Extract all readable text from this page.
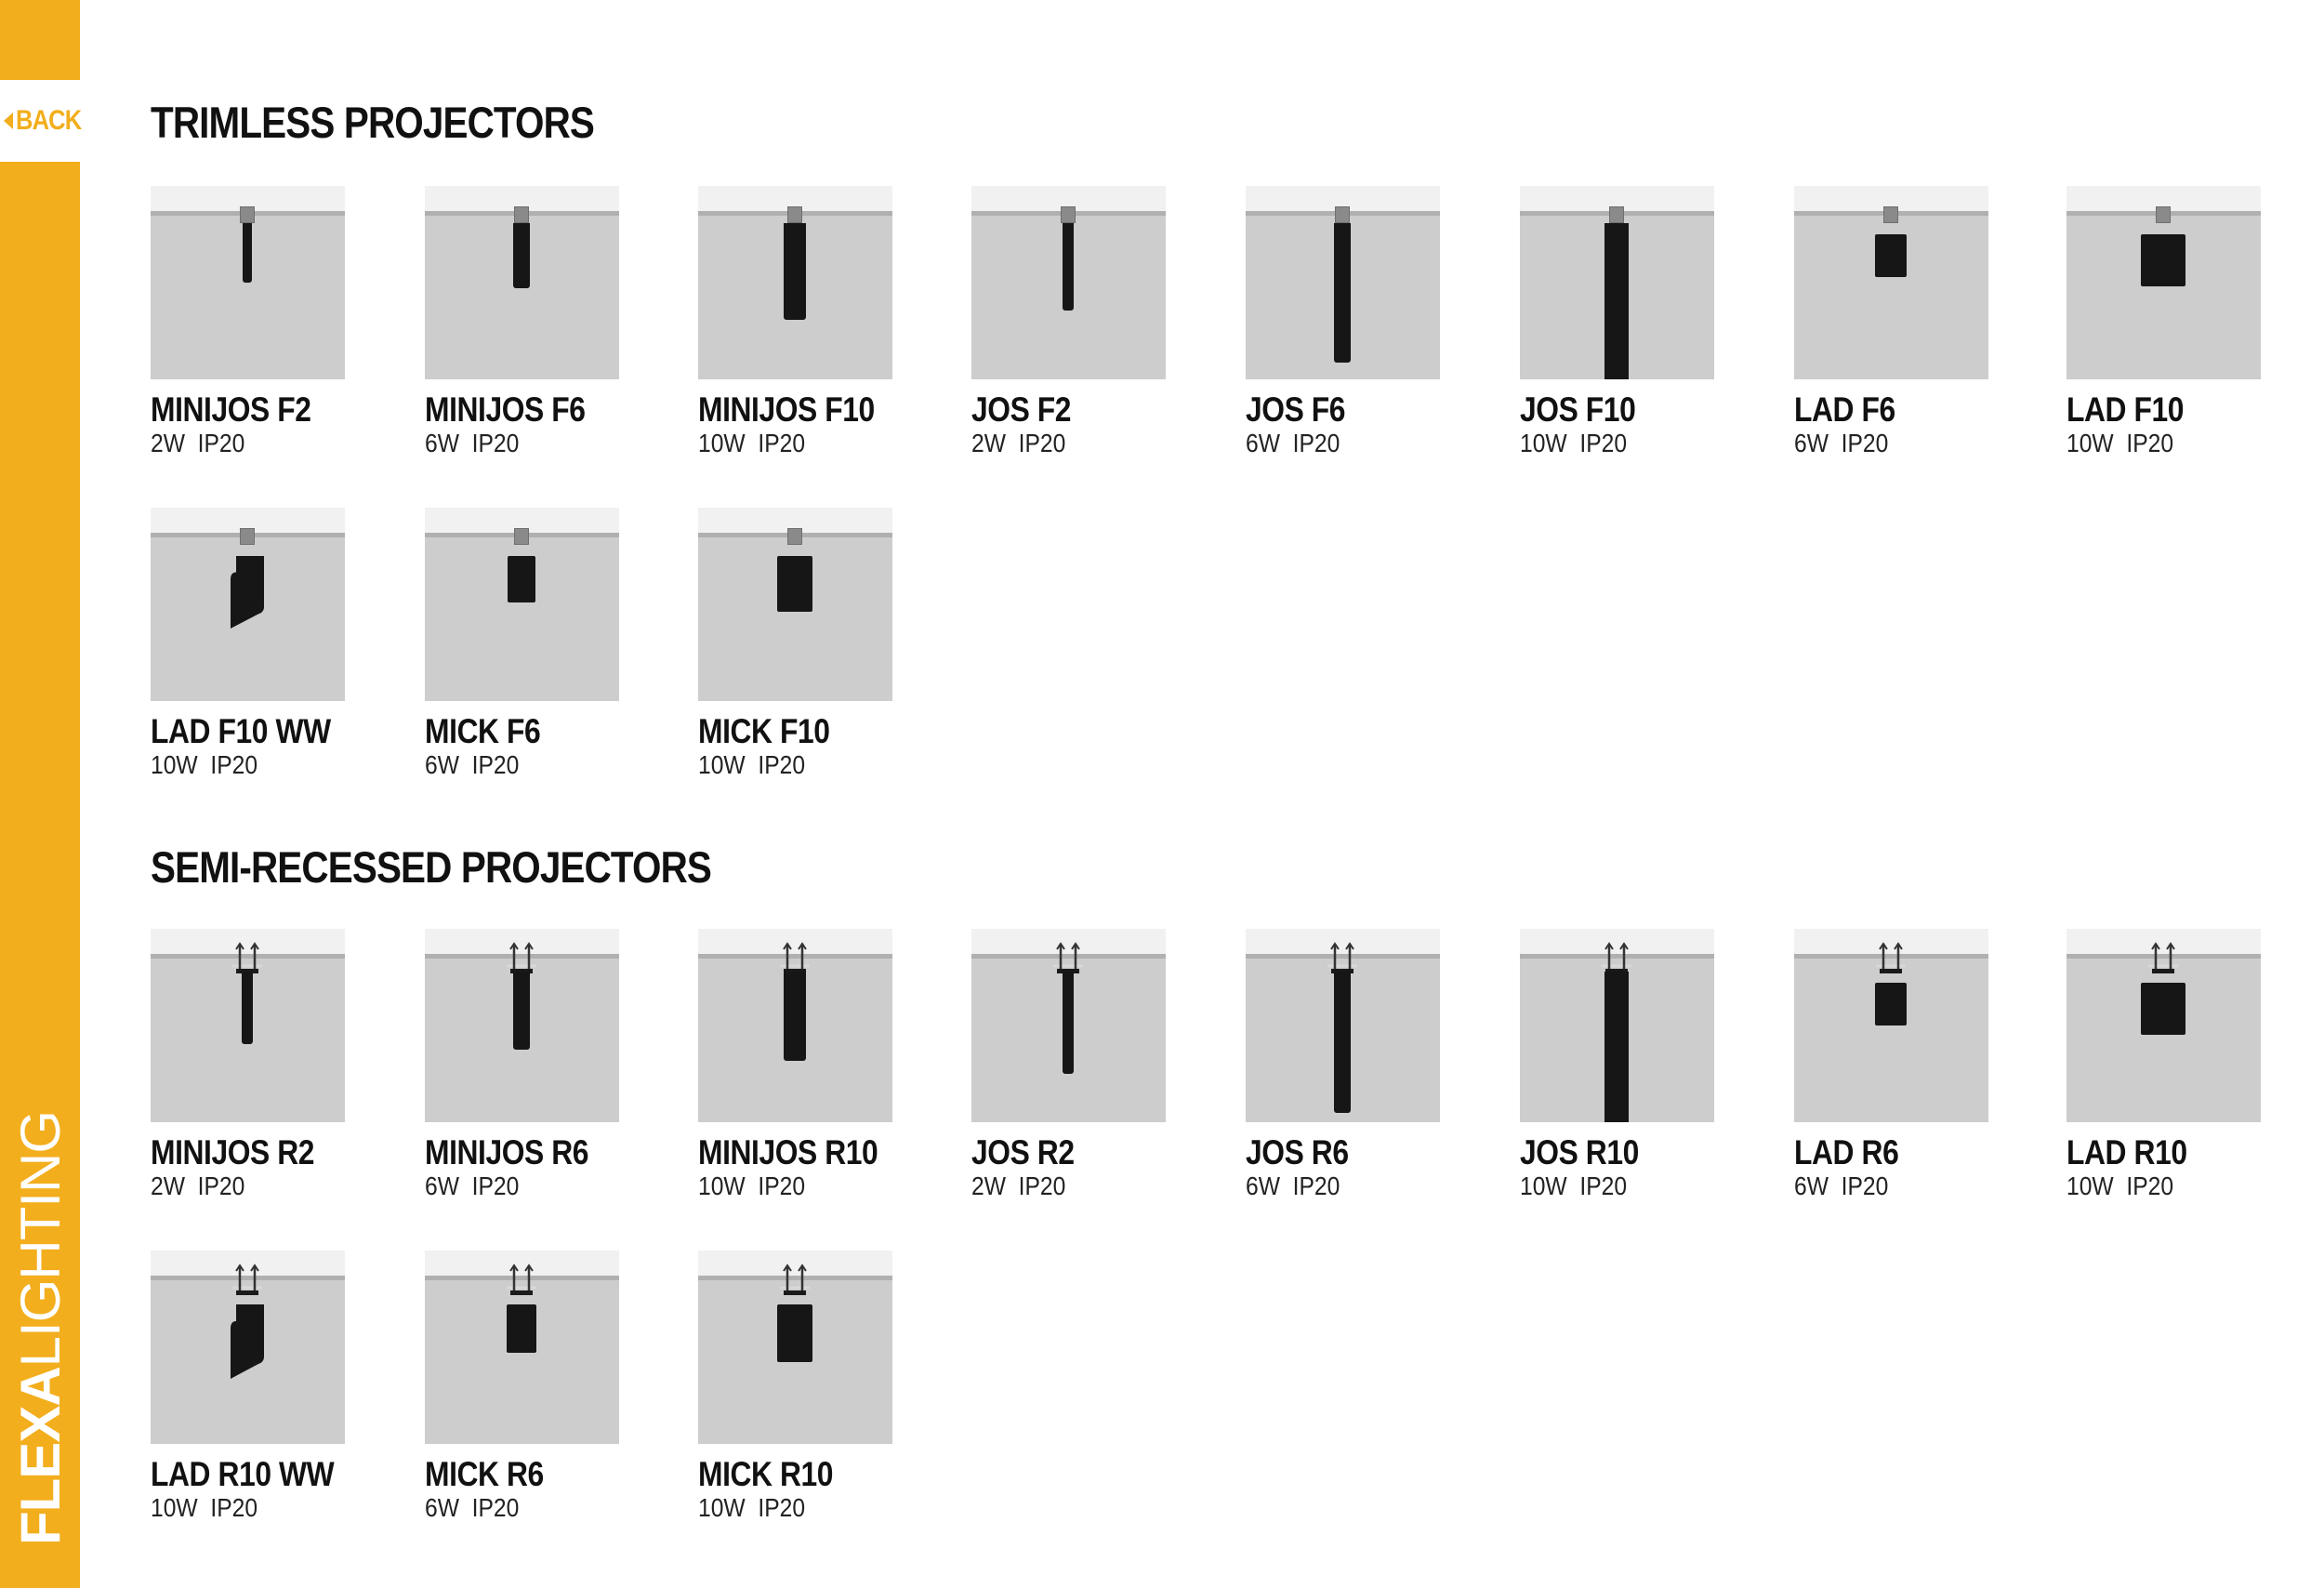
BACK
FLEXALIGHTING
TRIMLESS PROJECTORS
SEMI-RECESSED PROJECTORS
MINIJOS F2
2W IP20
MINIJOS F6
6W IP20
MINIJOS F10
10W IP20
JOS F2
2W IP20
JOS F6
6W IP20
JOS F10
10W IP20
LAD F6
6W IP20
LAD F10
10W IP20
LAD F10 WW
10W IP20
MICK F6
6W IP20
MICK F10
10W IP20
MINIJOS R2
2W IP20
MINIJOS R6
6W IP20
MINIJOS R10
10W IP20
JOS R2
2W IP20
JOS R6
6W IP20
JOS R10
10W IP20
LAD R6
6W IP20
LAD R10
10W IP20
LAD R10 WW
10W IP20
MICK R6
6W IP20
MICK R10
10W IP20
